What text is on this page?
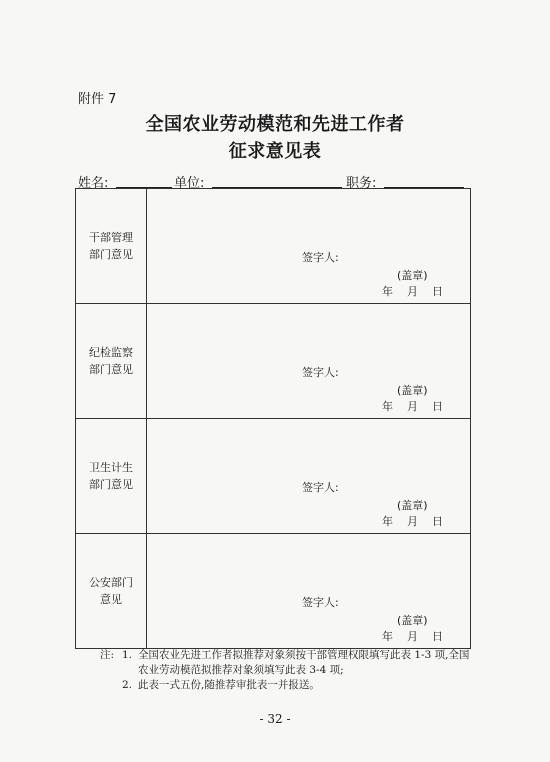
附件 7
全国农业劳动模范和先进工作者
征求意见表
姓名:	单位:	职务:
干部管理
部门意见	签字人:
(盖章)
年    月    日

纪检监察
部门意见	签字人:
(盖章)
年    月    日

卫生计生
部门意见	签字人:
(盖章)
年    月    日

公安部门
意见	签字人:
(盖章)
年    月    日
注: 1. 全国农业先进工作者拟推荐对象须按干部管理权限填写此表 1-3 项,全国
农业劳动模范拟推荐对象须填写此表 3-4 项;
2. 此表一式五份,随推荐审批表一并报送。
- 32 -
